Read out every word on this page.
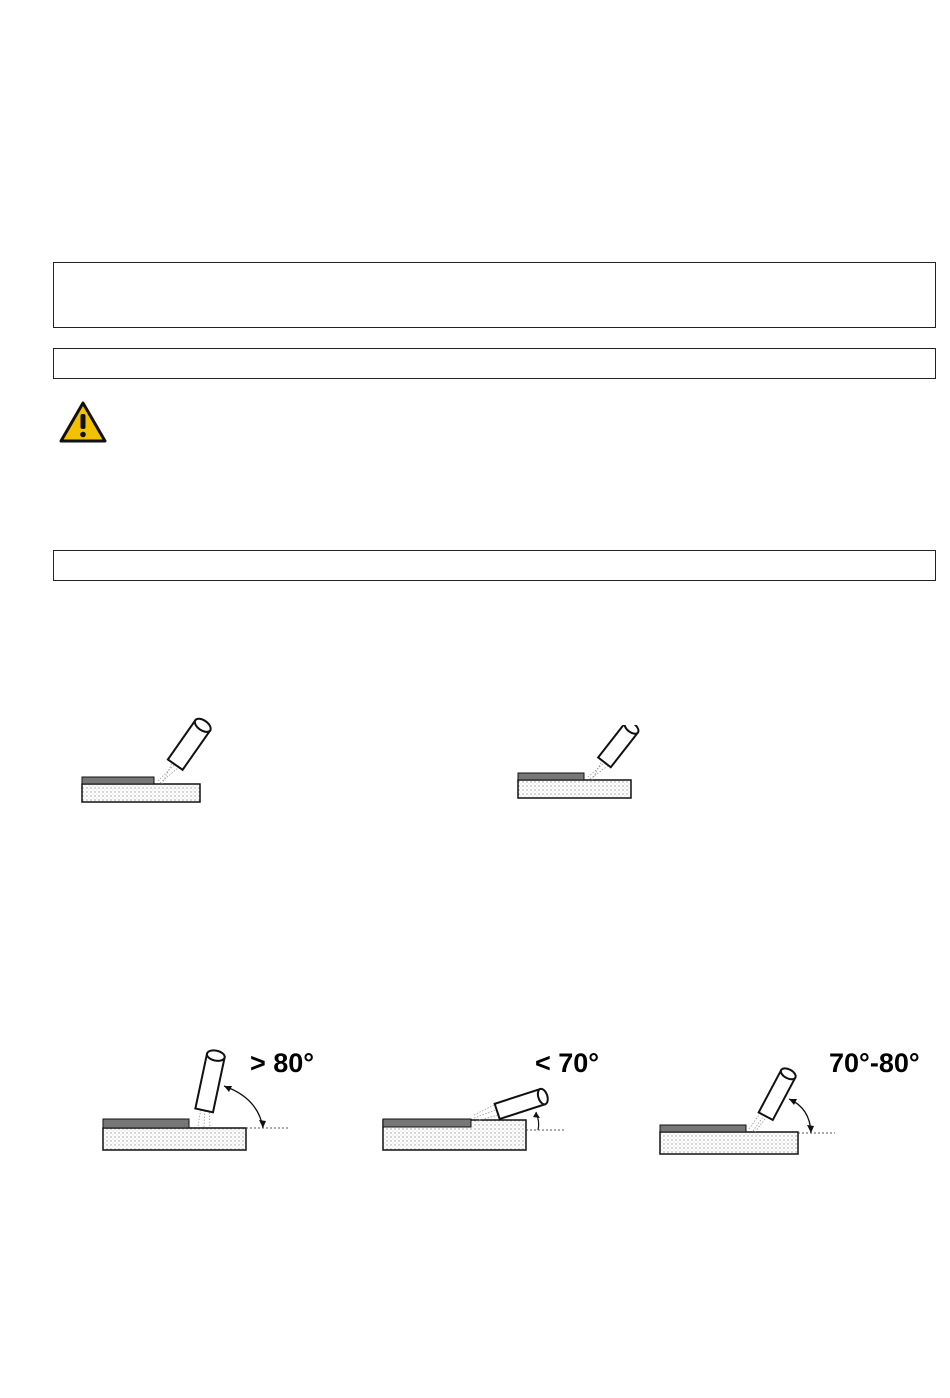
> 80°	< 70°	70°-80°
